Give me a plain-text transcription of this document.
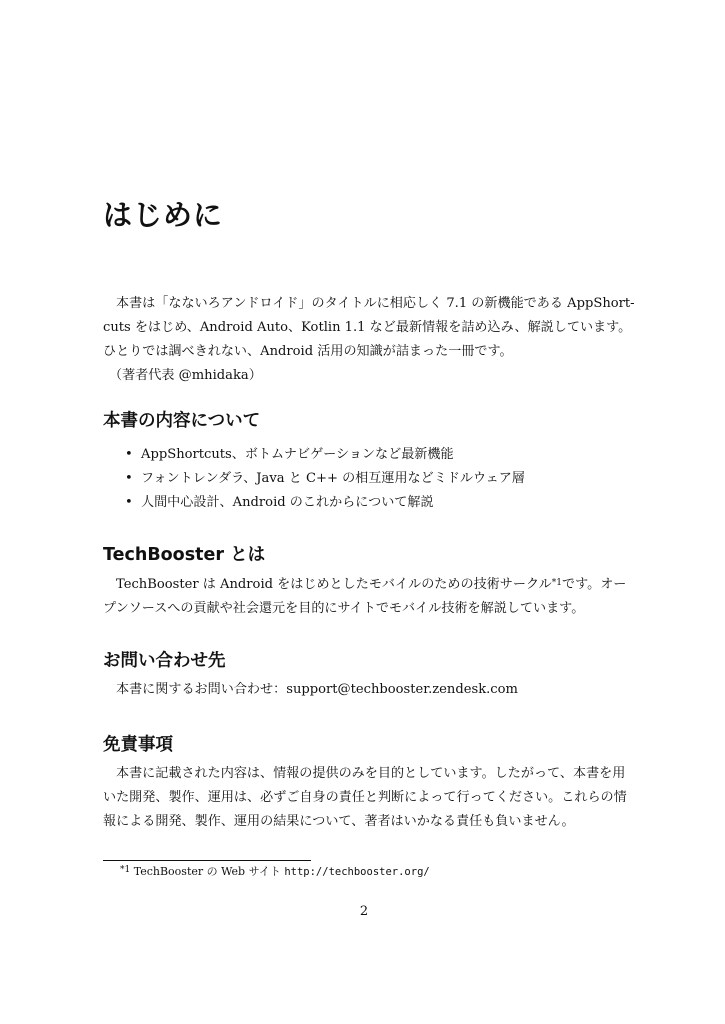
はじめに
本書は「なないろアンドロイド」のタイトルに相応しく 7.1 の新機能である AppShort-
cuts をはじめ、Android Auto、Kotlin 1.1 など最新情報を詰め込み、解説しています。
ひとりでは調べきれない、Android 活用の知識が詰まった一冊です。
（著者代表 @mhidaka）
本書の内容について
• AppShortcuts、ボトムナビゲーションなど最新機能
• フォントレンダラ、Java と C++ の相互運用などミドルウェア層
• 人間中心設計、Android のこれからについて解説
TechBooster とは
TechBooster は Android をはじめとしたモバイルのための技術サークル$^{*1}$です。オー
プンソースへの貢献や社会還元を目的にサイトでモバイル技術を解説しています。
お問い合わせ先
本書に関するお問い合わせ：support@techbooster.zendesk.com
免責事項
本書に記載された内容は、情報の提供のみを目的としています。したがって、本書を用
いた開発、製作、運用は、必ずご自身の責任と判断によって行ってください。これらの情
報による開発、製作、運用の結果について、著者はいかなる責任も負いません。
$^{*1}$ TechBooster の Web サイト http://techbooster.org/
2
